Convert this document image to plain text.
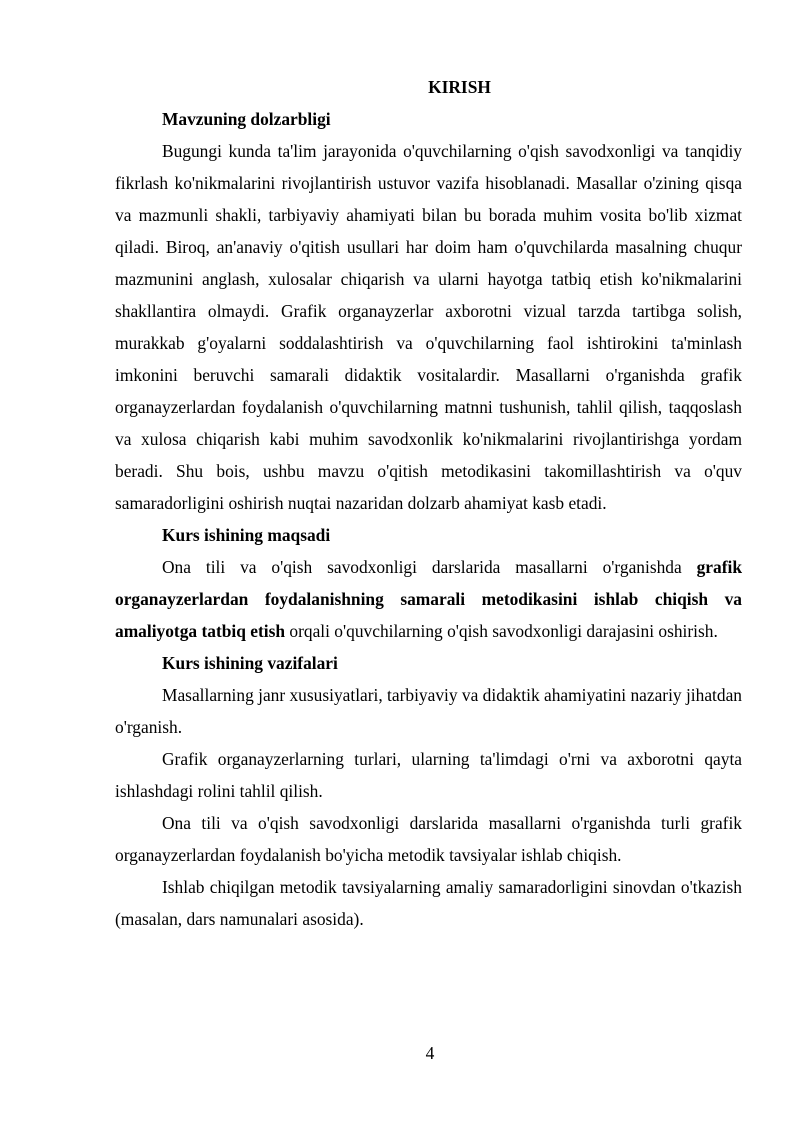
KIRISH

Mavzuning dolzarbligi

Bugungi kunda ta'lim jarayonida o'quvchilarning o'qish savodxonligi va tanqidiy fikrlash ko'nikmalarini rivojlantirish ustuvor vazifa hisoblanadi. Masallar o'zining qisqa va mazmunli shakli, tarbiyaviy ahamiyati bilan bu borada muhim vosita bo'lib xizmat qiladi. Biroq, an'anaviy o'qitish usullari har doim ham o'quvchilarda masalning chuqur mazmunini anglash, xulosalar chiqarish va ularni hayotga tatbiq etish ko'nikmalarini shakllantira olmaydi. Grafik organayzerlar axborotni vizual tarzda tartibga solish, murakkab g'oyalarni soddalashtirish va o'quvchilarning faol ishtirokini ta'minlash imkonini beruvchi samarali didaktik vositalardir. Masallarni o'rganishda grafik organayzerlardan foydalanish o'quvchilarning matnni tushunish, tahlil qilish, taqqoslash va xulosa chiqarish kabi muhim savodxonlik ko'nikmalarini rivojlantirishga yordam beradi. Shu bois, ushbu mavzu o'qitish metodikasini takomillashtirish va o'quv samaradorligini oshirish nuqtai nazaridan dolzarb ahamiyat kasb etadi.

Kurs ishining maqsadi

Ona tili va o'qish savodxonligi darslarida masallarni o'rganishda grafik organayzerlardan foydalanishning samarali metodikasini ishlab chiqish va amaliyotga tatbiq etish orqali o'quvchilarning o'qish savodxonligi darajasini oshirish.

Kurs ishining vazifalari

Masallarning janr xususiyatlari, tarbiyaviy va didaktik ahamiyatini nazariy jihatdan o'rganish.

Grafik organayzerlarning turlari, ularning ta'limdagi o'rni va axborotni qayta ishlashdagi rolini tahlil qilish.

Ona tili va o'qish savodxonligi darslarida masallarni o'rganishda turli grafik organayzerlardan foydalanish bo'yicha metodik tavsiyalar ishlab chiqish.

Ishlab chiqilgan metodik tavsiyalarning amaliy samaradorligini sinovdan o'tkazish (masalan, dars namunalari asosida).

4
